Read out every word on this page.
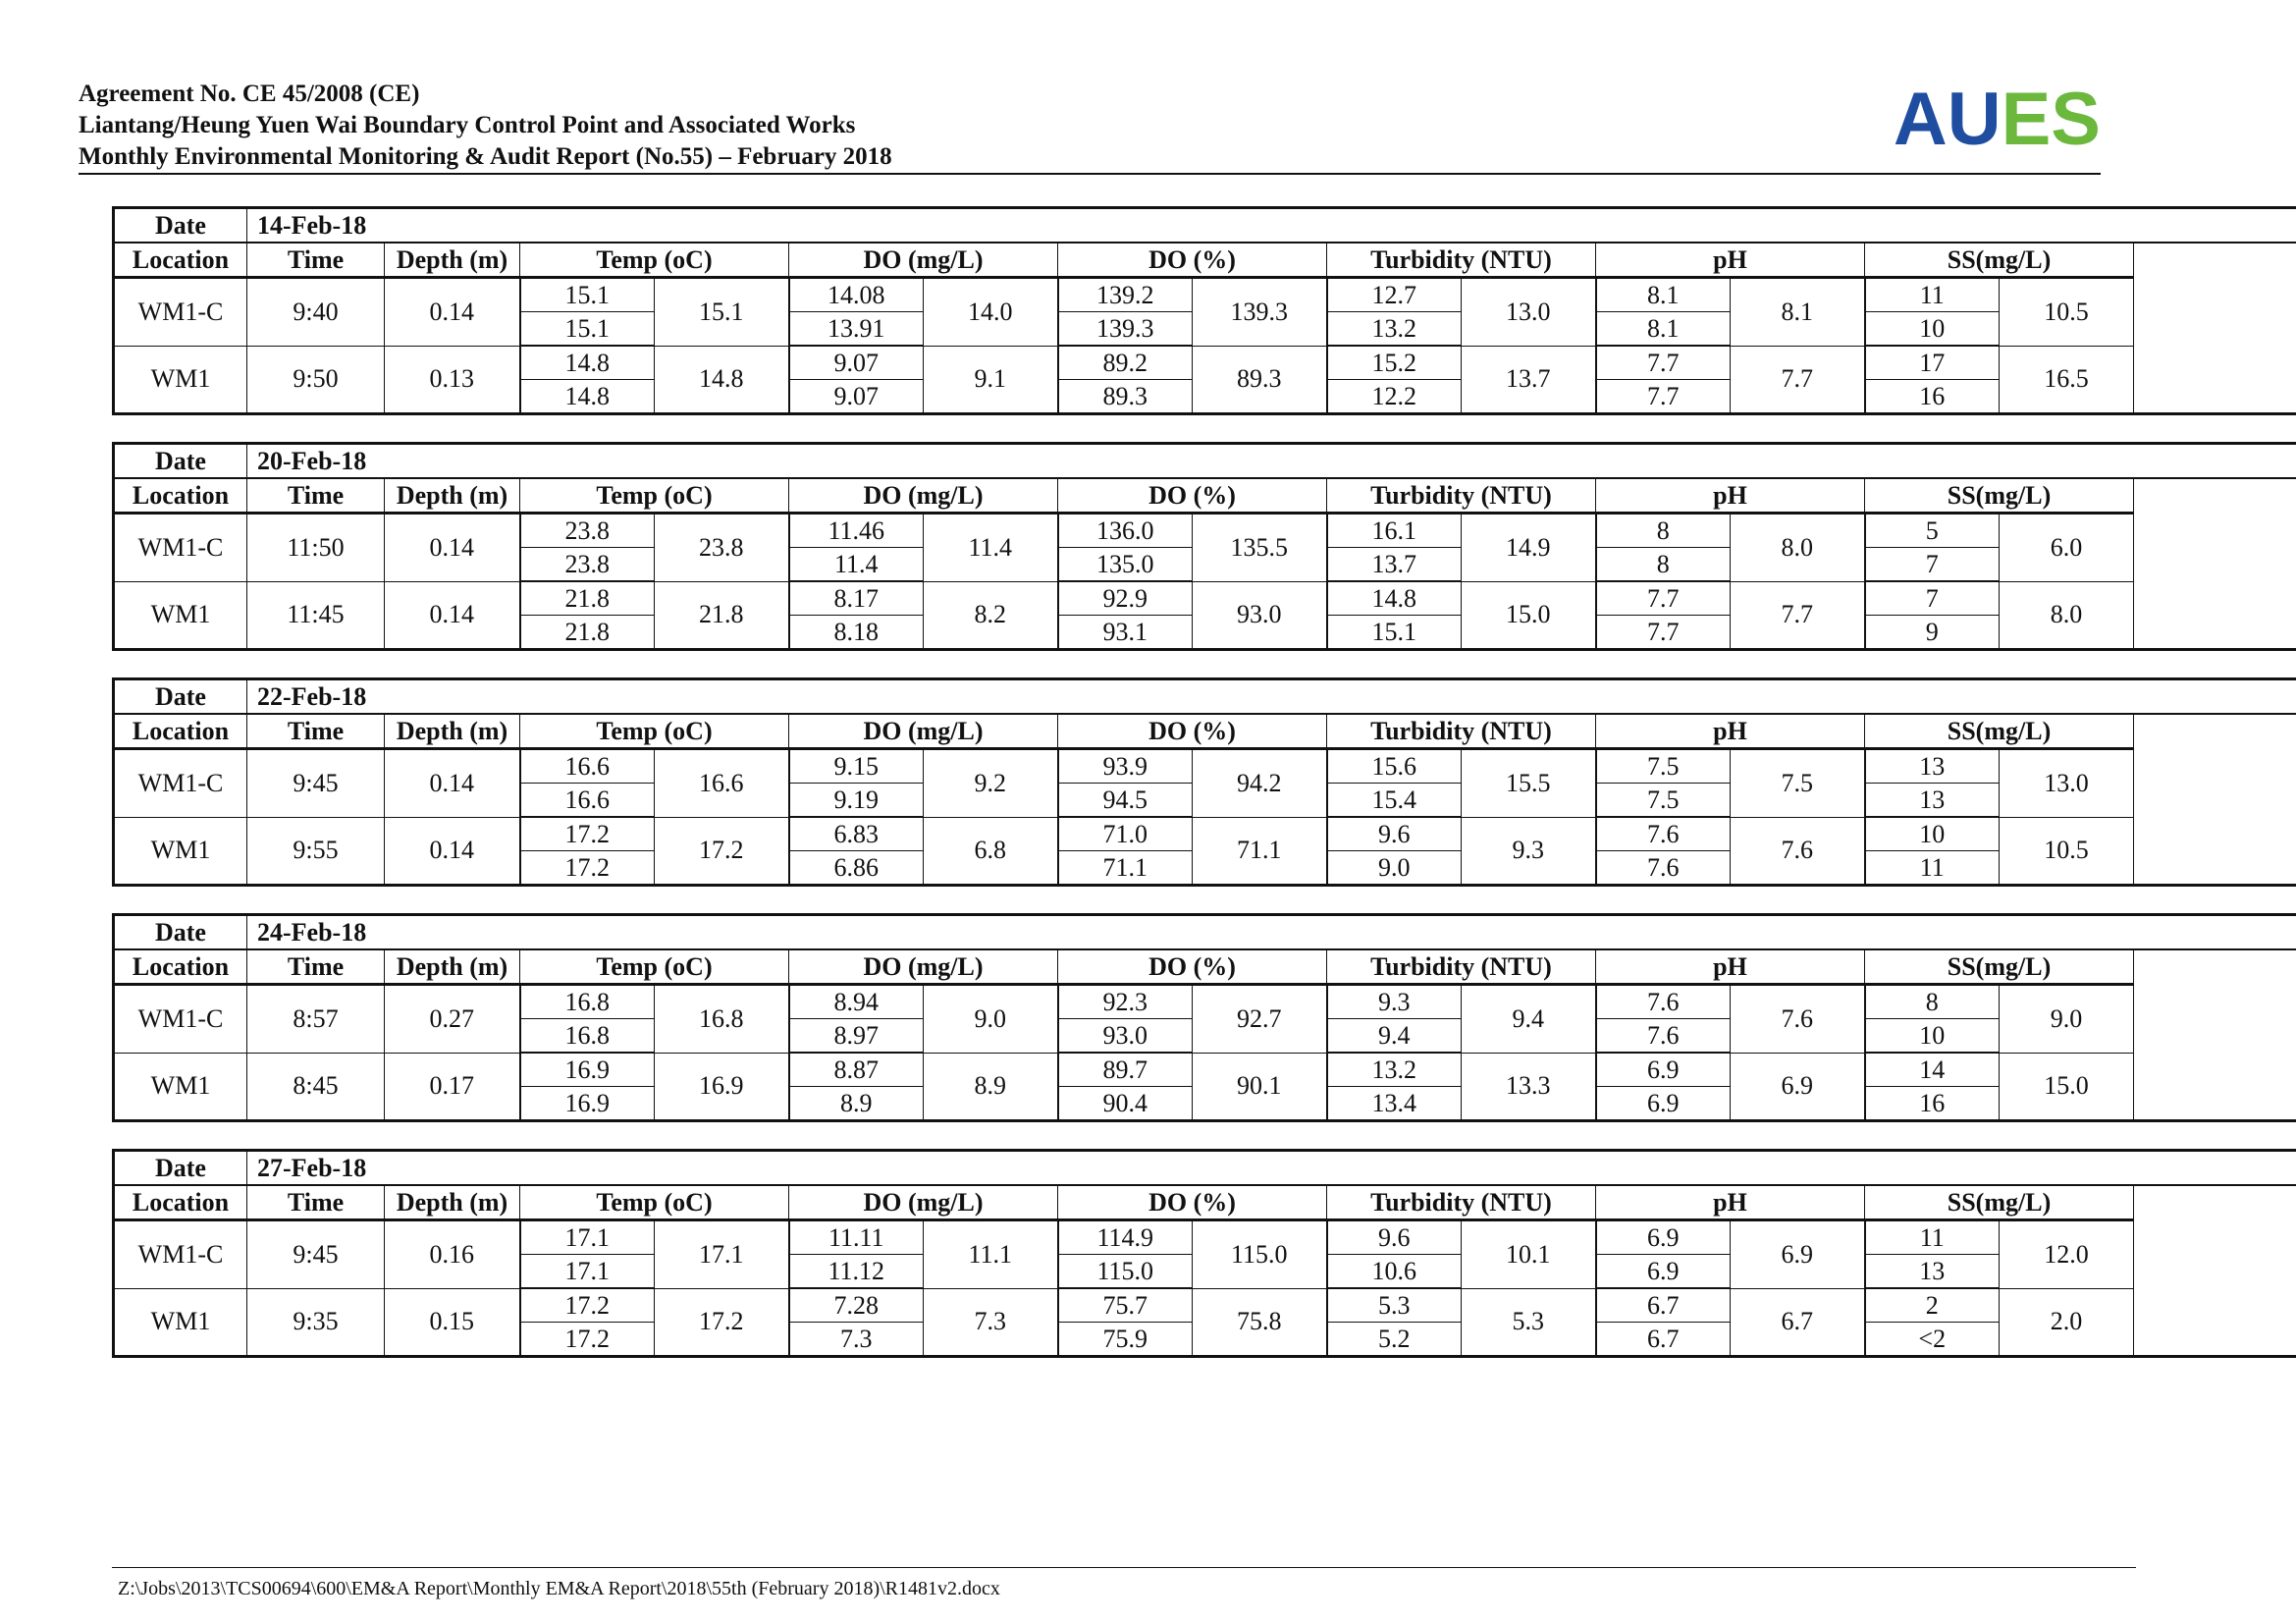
Agreement No. CE 45/2008 (CE)
Liantang/Heung Yuen Wai Boundary Control Point and Associated Works
Monthly Environmental Monitoring & Audit Report (No.55) – February 2018	AUES
Date	14-Feb-18													
Location	Time	Depth (m)	Temp (oC)		DO (mg/L)		DO (%)		Turbidity (NTU)		pH		SS(mg/L)	
WM1-C	9:40	0.14	15.1	15.1	14.08	14.0	139.2	139.3	12.7	13.0	8.1	8.1	11	10.5
			15.1		13.91		139.3		13.2		8.1		10	
WM1	9:50	0.13	14.8	14.8	9.07	9.1	89.2	89.3	15.2	13.7	7.7	7.7	17	16.5
			14.8		9.07		89.3		12.2		7.7		16	
Date	20-Feb-18													
Location	Time	Depth (m)	Temp (oC)		DO (mg/L)		DO (%)		Turbidity (NTU)		pH		SS(mg/L)	
WM1-C	11:50	0.14	23.8	23.8	11.46	11.4	136.0	135.5	16.1	14.9	8	8.0	5	6.0
			23.8		11.4		135.0		13.7		8		7	
WM1	11:45	0.14	21.8	21.8	8.17	8.2	92.9	93.0	14.8	15.0	7.7	7.7	7	8.0
			21.8		8.18		93.1		15.1		7.7		9	
Date	22-Feb-18													
Location	Time	Depth (m)	Temp (oC)		DO (mg/L)		DO (%)		Turbidity (NTU)		pH		SS(mg/L)	
WM1-C	9:45	0.14	16.6	16.6	9.15	9.2	93.9	94.2	15.6	15.5	7.5	7.5	13	13.0
			16.6		9.19		94.5		15.4		7.5		13	
WM1	9:55	0.14	17.2	17.2	6.83	6.8	71.0	71.1	9.6	9.3	7.6	7.6	10	10.5
			17.2		6.86		71.1		9.0		7.6		11	
Date	24-Feb-18													
Location	Time	Depth (m)	Temp (oC)		DO (mg/L)		DO (%)		Turbidity (NTU)		pH		SS(mg/L)	
WM1-C	8:57	0.27	16.8	16.8	8.94	9.0	92.3	92.7	9.3	9.4	7.6	7.6	8	9.0
			16.8		8.97		93.0		9.4		7.6		10	
WM1	8:45	0.17	16.9	16.9	8.87	8.9	89.7	90.1	13.2	13.3	6.9	6.9	14	15.0
			16.9		8.9		90.4		13.4		6.9		16	
Date	27-Feb-18													
Location	Time	Depth (m)	Temp (oC)		DO (mg/L)		DO (%)		Turbidity (NTU)		pH		SS(mg/L)	
WM1-C	9:45	0.16	17.1	17.1	11.11	11.1	114.9	115.0	9.6	10.1	6.9	6.9	11	12.0
			17.1		11.12		115.0		10.6		6.9		13	
WM1	9:35	0.15	17.2	17.2	7.28	7.3	75.7	75.8	5.3	5.3	6.7	6.7	2	2.0
			17.2		7.3		75.9		5.2		6.7		<2	
Z:\Jobs\2013\TCS00694\600\EM&A Report\Monthly EM&A Report\2018\55th (February 2018)\R1481v2.docx
